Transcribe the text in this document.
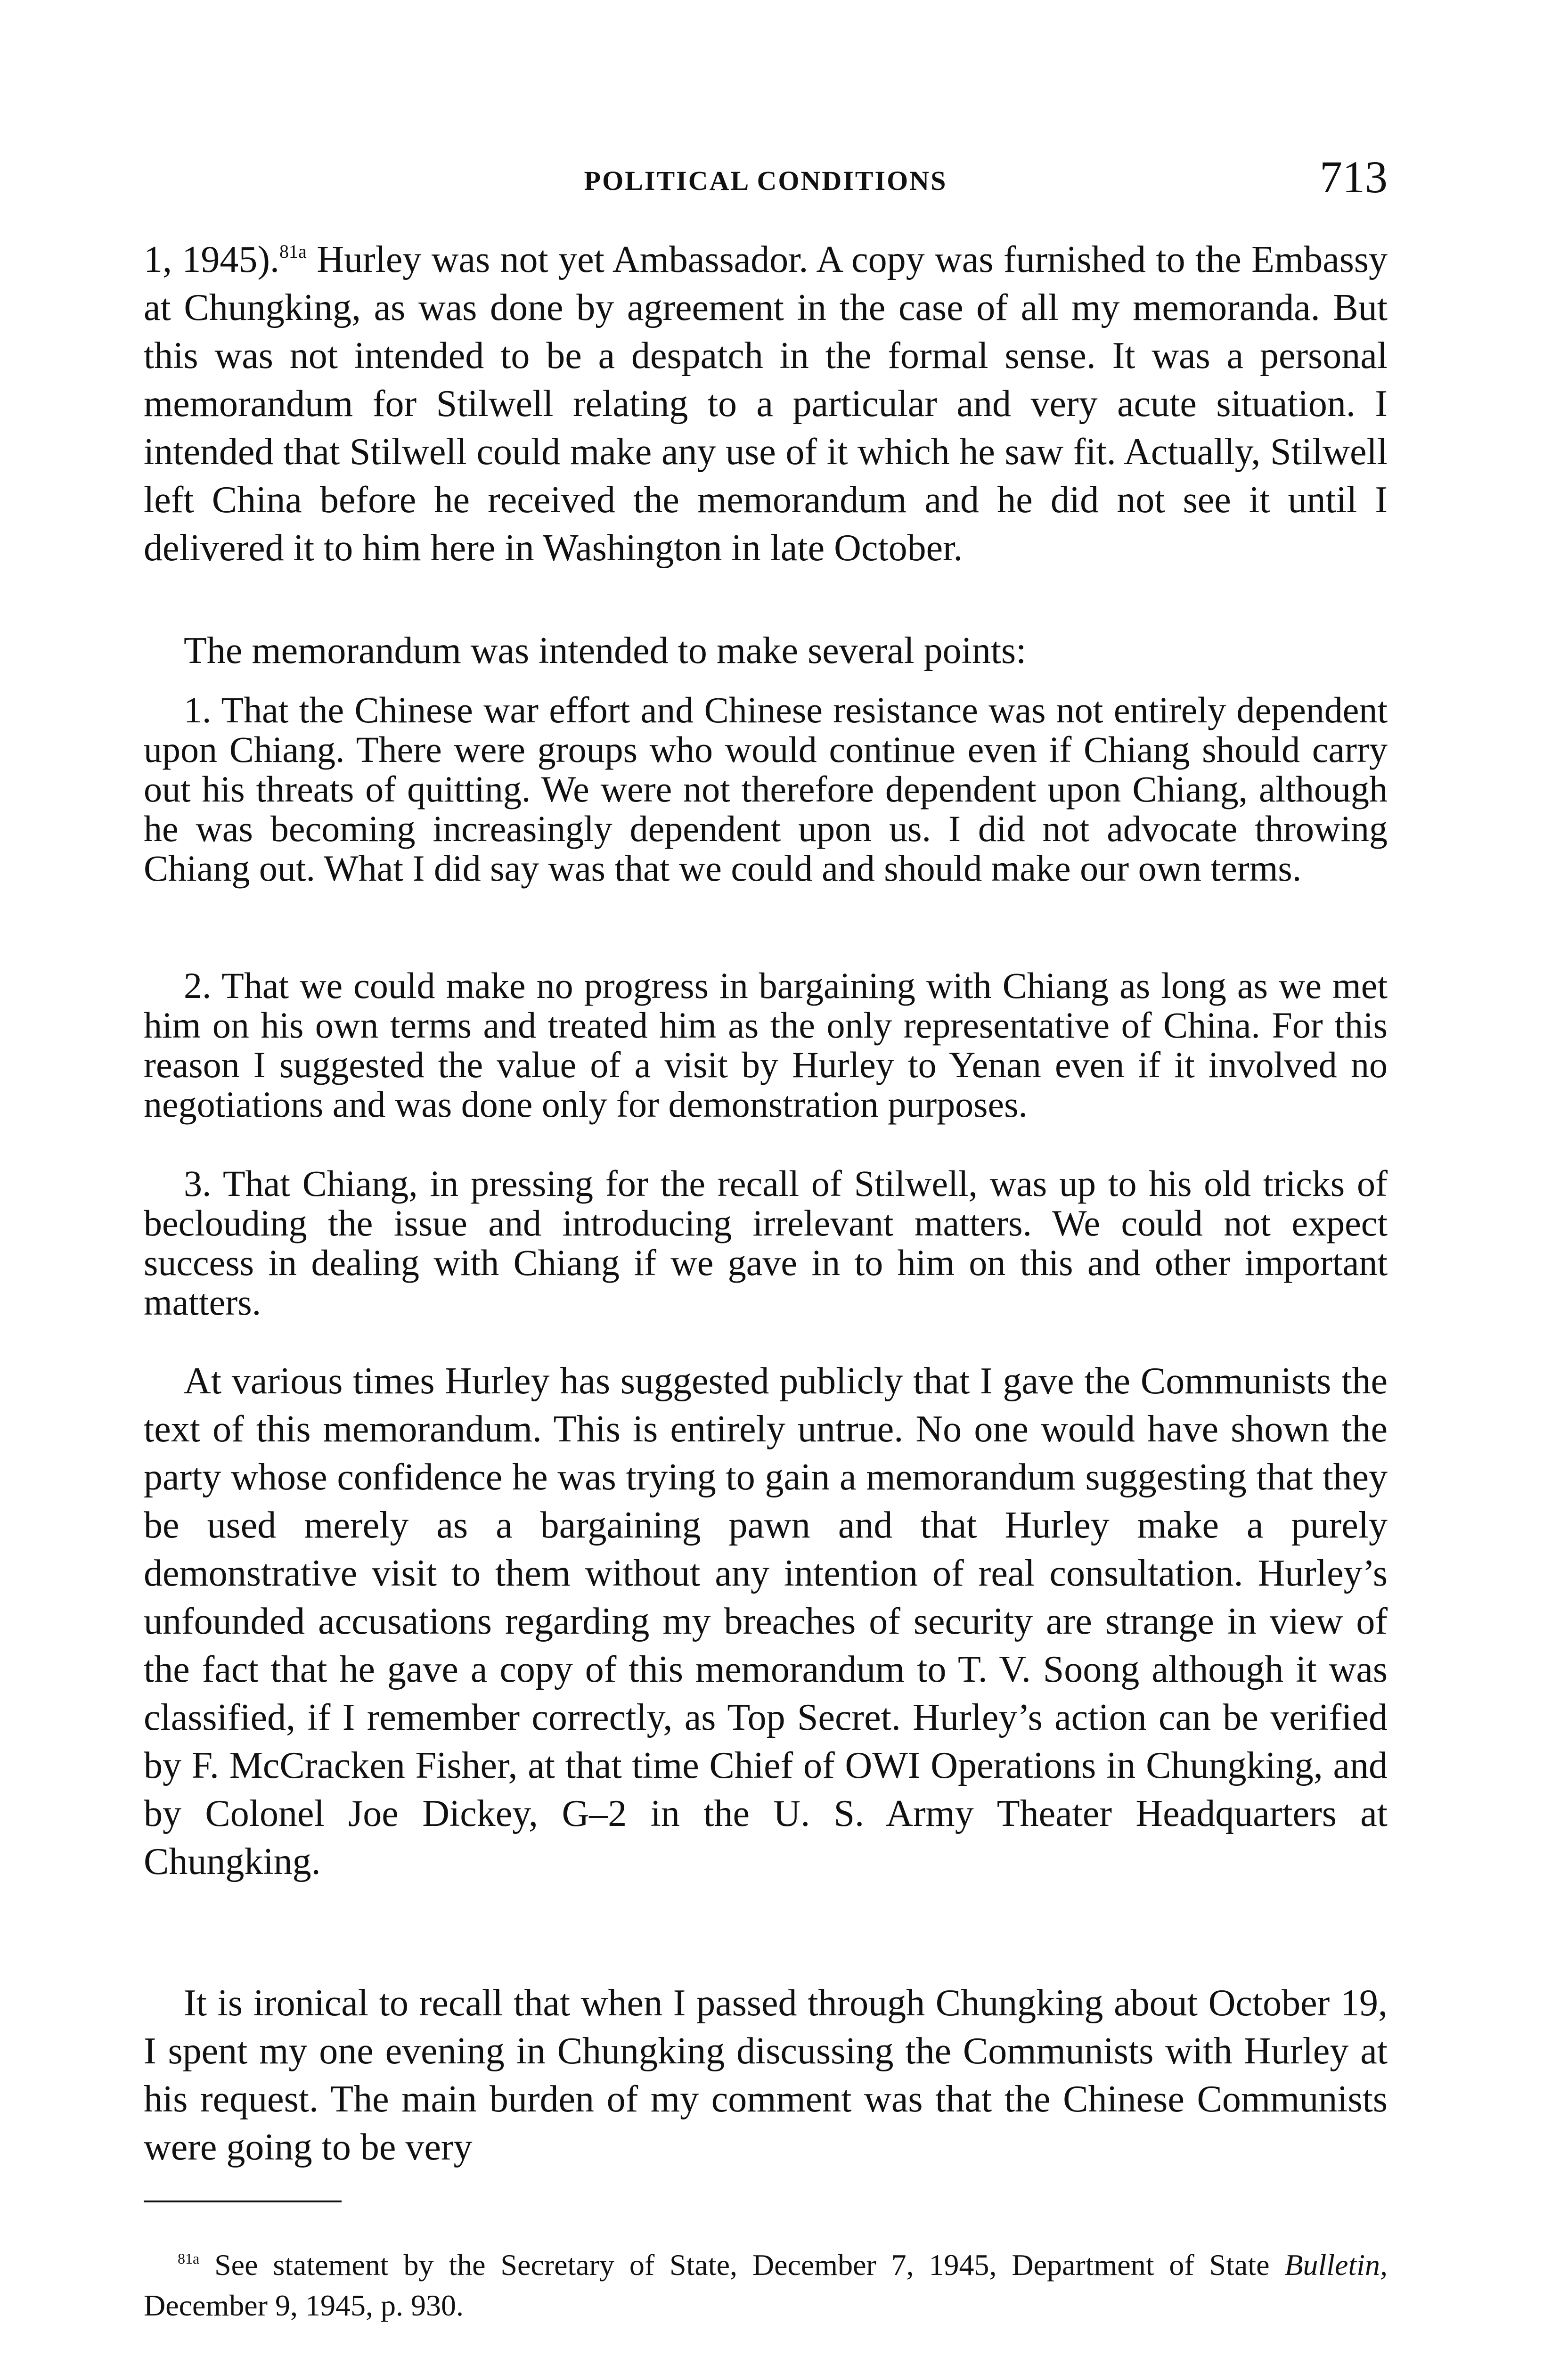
POLITICAL CONDITIONS	713

1, 1945).$^{81a}$ Hurley was not yet Ambassador. A copy was furnished to the Embassy at Chungking, as was done by agreement in the case of all my memoranda. But this was not intended to be a despatch in the formal sense. It was a personal memorandum for Stilwell relating to a particular and very acute situation. I intended that Stilwell could make any use of it which he saw fit. Actually, Stilwell left China before he received the memorandum and he did not see it until I delivered it to him here in Washington in late October.

The memorandum was intended to make several points:

1. That the Chinese war effort and Chinese resistance was not entirely dependent upon Chiang. There were groups who would continue even if Chiang should carry out his threats of quitting. We were not therefore dependent upon Chiang, although he was becoming increasingly dependent upon us. I did not advocate throwing Chiang out. What I did say was that we could and should make our own terms.

2. That we could make no progress in bargaining with Chiang as long as we met him on his own terms and treated him as the only representative of China. For this reason I suggested the value of a visit by Hurley to Yenan even if it involved no negotiations and was done only for demonstration purposes.

3. That Chiang, in pressing for the recall of Stilwell, was up to his old tricks of beclouding the issue and introducing irrelevant matters. We could not expect success in dealing with Chiang if we gave in to him on this and other important matters.

At various times Hurley has suggested publicly that I gave the Communists the text of this memorandum. This is entirely untrue. No one would have shown the party whose confidence he was trying to gain a memorandum suggesting that they be used merely as a bargaining pawn and that Hurley make a purely demonstrative visit to them without any intention of real consultation. Hurley’s unfounded accusations regarding my breaches of security are strange in view of the fact that he gave a copy of this memorandum to T. V. Soong although it was classified, if I remember correctly, as Top Secret. Hurley’s action can be verified by F. McCracken Fisher, at that time Chief of OWI Operations in Chungking, and by Colonel Joe Dickey, G–2 in the U. S. Army Theater Headquarters at Chungking.

It is ironical to recall that when I passed through Chungking about October 19, I spent my one evening in Chungking discussing the Communists with Hurley at his request. The main burden of my comment was that the Chinese Communists were going to be very

$^{81a}$ See statement by the Secretary of State, December 7, 1945, Department of State Bulletin, December 9, 1945, p. 930.
